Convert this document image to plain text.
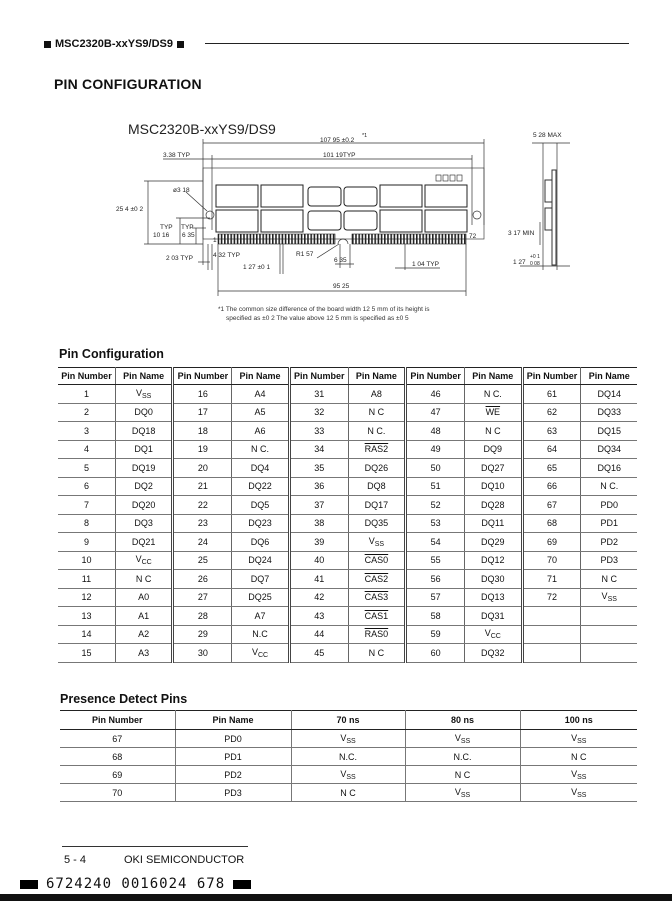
MSC2320B-xxYS9/DS9
PIN CONFIGURATION
MSC2320B-xxYS9/DS9
107 95 ±0.2
*1
101 19TYP
3.38 TYP
25 4 ±0 2
ø3 18
TYP
10 16
TYP
6 35
1
72
2 03 TYP	4 32 TYP
1 27 ±0 1
R1 57
6 35
1 04 TYP
95 25
5 28 MAX
3 17 MIN
1 27
+0 1
0 08
*1 The common size difference of the board width 12 5 mm of its height is
specified as ±0 2 The value above 12 5 mm is specified as ±0 5
Pin Configuration
Pin Number	Pin Name	Pin Number	Pin Name	Pin Number	Pin Name	Pin Number	Pin Name	Pin Number	Pin Name
1	$V_{SS}$	16	A4	31	A8	46	N C.	61	DQ14
2	DQ0	17	A5	32	N C	47	$\overline{WE}$	62	DQ33
3	DQ18	18	A6	33	N C.	48	N C	63	DQ15
4	DQ1	19	N C.	34	RAS2	49	DQ9	64	DQ34
5	DQ19	20	DQ4	35	DQ26	50	DQ27	65	DQ16
6	DQ2	21	DQ22	36	DQ8	51	DQ10	66	N C.
7	DQ20	22	DQ5	37	DQ17	52	DQ28	67	PD0
8	DQ3	23	DQ23	38	DQ35	53	DQ11	68	PD1
9	DQ21	24	DQ6	39	$V_{SS}$	54	DQ29	69	PD2
10	$V_{CC}$	25	DQ24	40	CAS0	55	DQ12	70	PD3
11	N C	26	DQ7	41	CAS2	56	DQ30	71	N C
12	A0	27	DQ25	42	CAS3	57	DQ13	72	$V_{SS}$
13	A1	28	A7	43	CAS1	58	DQ31		
14	A2	29	N.C	44	RAS0	59	$V_{CC}$		
15	A3	30	$V_{CC}$	45	N C	60	DQ32		
Presence Detect Pins
Pin Number	Pin Name	70 ns	80 ns	100 ns
67	PD0	$V_{SS}$	$V_{SS}$	$V_{SS}$
68	PD1	N.C.	N.C.	N C
69	PD2	$V_{SS}$	N C	$V_{SS}$
70	PD3	N C	$V_{SS}$	$V_{SS}$
5 - 4	OKI SEMICONDUCTOR
6724240 0016024 678
